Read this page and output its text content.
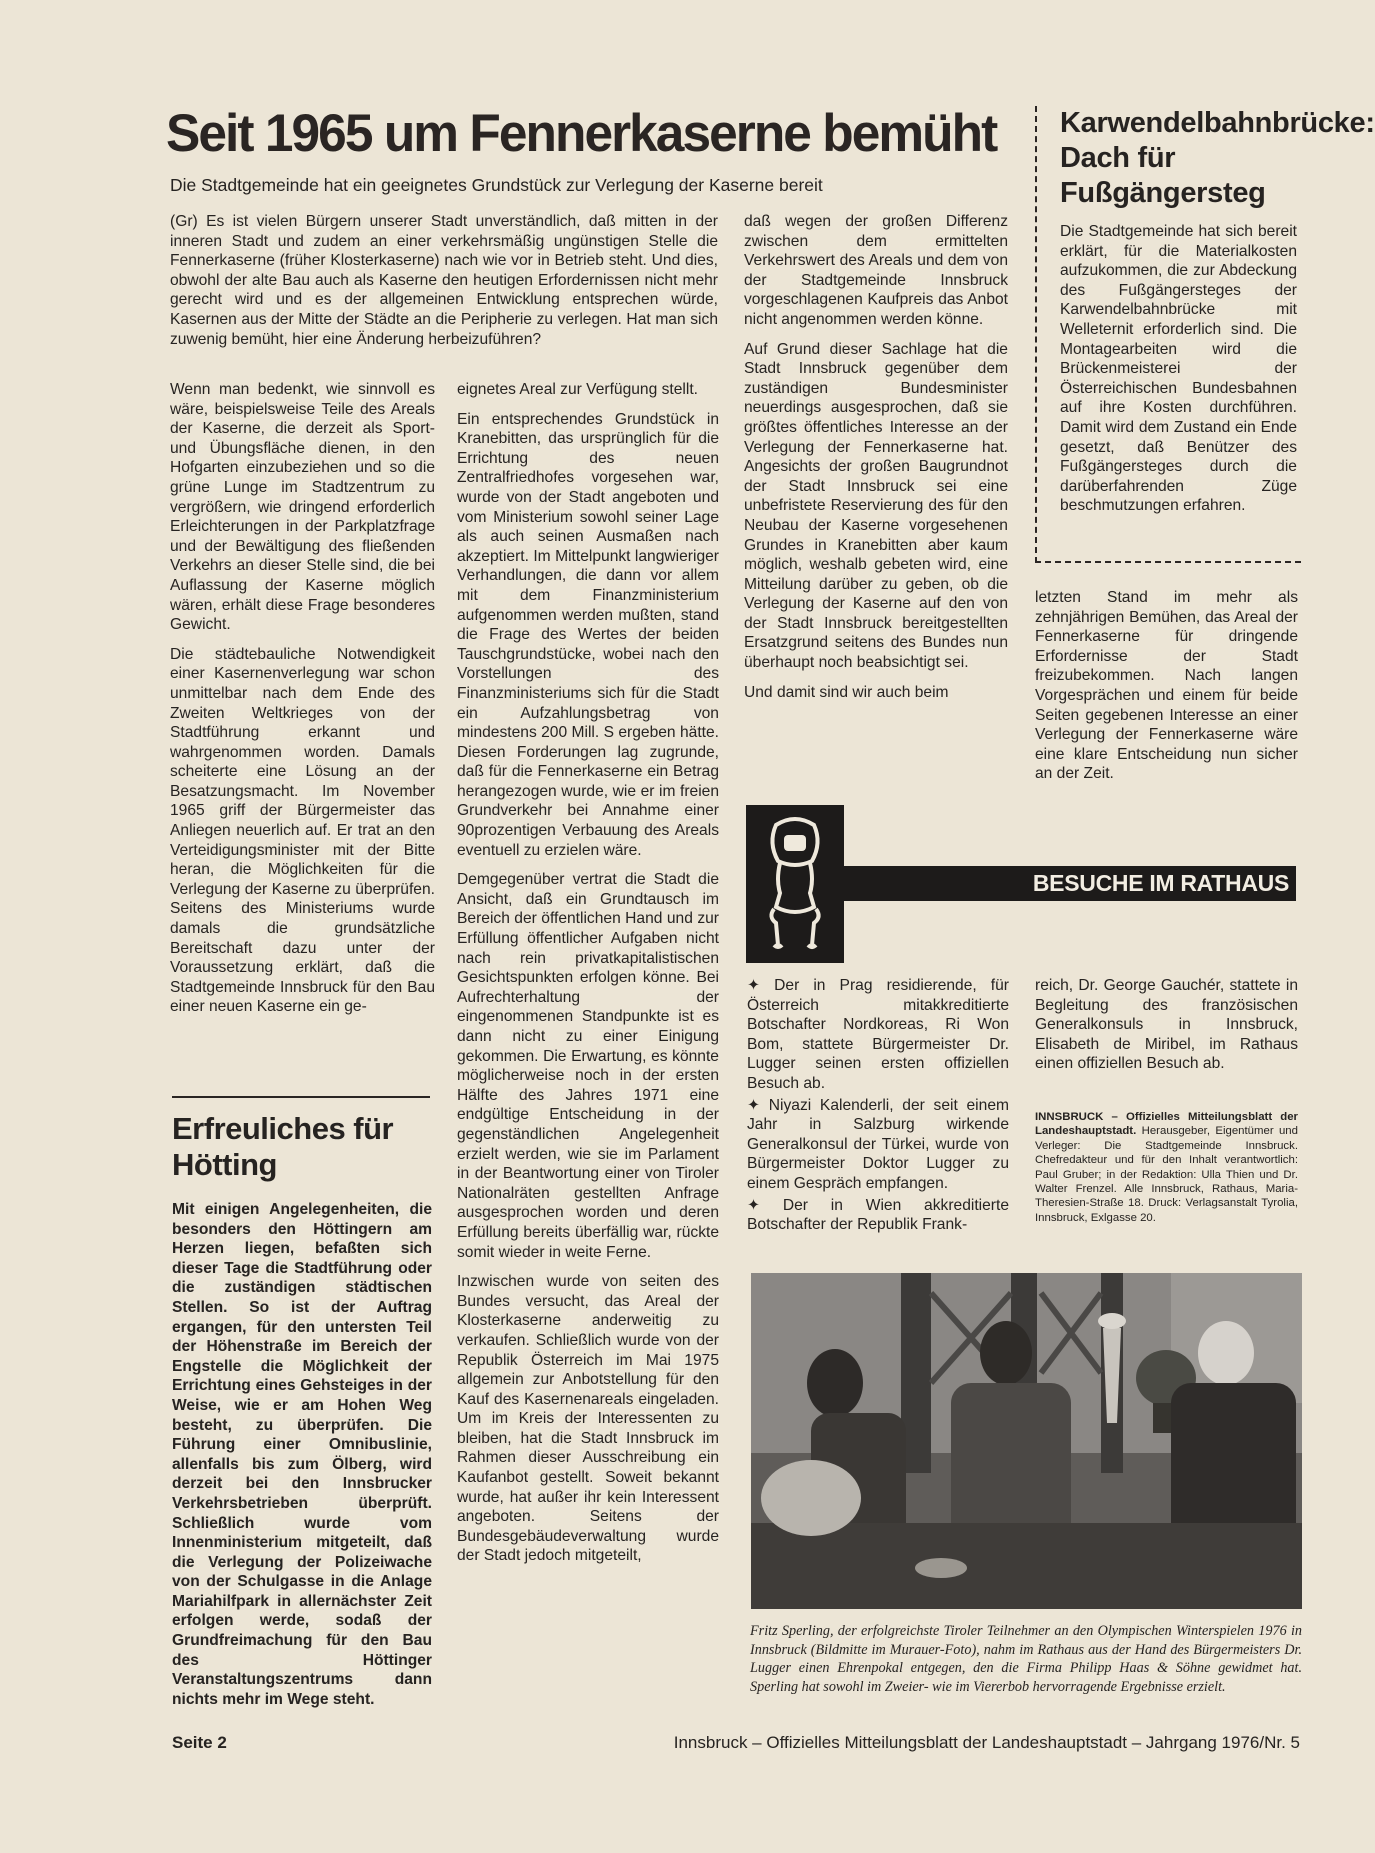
Seit 1965 um Fennerkaserne bemüht

Die Stadtgemeinde hat ein geeignetes Grundstück zur Verlegung der Kaserne bereit

(Gr) Es ist vielen Bürgern unserer Stadt unverständlich, daß mitten in der inneren Stadt und zudem an einer verkehrsmäßig ungünstigen Stelle die Fennerkaserne (früher Klosterkaserne) nach wie vor in Betrieb steht. Und dies, obwohl der alte Bau auch als Kaserne den heutigen Erfordernissen nicht mehr gerecht wird und es der allgemeinen Entwicklung entsprechen würde, Kasernen aus der Mitte der Städte an die Peripherie zu verlegen. Hat man sich zuwenig bemüht, hier eine Änderung herbeizuführen?

Wenn man bedenkt, wie sinnvoll es wäre, beispielsweise Teile des Areals der Kaserne, die derzeit als Sport- und Übungsfläche dienen, in den Hofgarten einzubeziehen und so die grüne Lunge im Stadtzentrum zu vergrößern, wie dringend erforderlich Erleichterungen in der Parkplatzfrage und der Bewältigung des fließenden Verkehrs an dieser Stelle sind, die bei Auflassung der Kaserne möglich wären, erhält diese Frage besonderes Gewicht.

Die städtebauliche Notwendigkeit einer Kasernenverlegung war schon unmittelbar nach dem Ende des Zweiten Weltkrieges von der Stadtführung erkannt und wahrgenommen worden. Damals scheiterte eine Lösung an der Besatzungsmacht. Im November 1965 griff der Bürgermeister das Anliegen neuerlich auf. Er trat an den Verteidigungsminister mit der Bitte heran, die Möglichkeiten für die Verlegung der Kaserne zu überprüfen. Seitens des Ministeriums wurde damals die grundsätzliche Bereitschaft dazu unter der Voraussetzung erklärt, daß die Stadtgemeinde Innsbruck für den Bau einer neuen Kaserne ein ge-

eignetes Areal zur Verfügung stellt.

Ein entsprechendes Grundstück in Kranebitten, das ursprünglich für die Errichtung des neuen Zentralfriedhofes vorgesehen war, wurde von der Stadt angeboten und vom Ministerium sowohl seiner Lage als auch seinen Ausmaßen nach akzeptiert. Im Mittelpunkt langwieriger Verhandlungen, die dann vor allem mit dem Finanzministerium aufgenommen werden mußten, stand die Frage des Wertes der beiden Tauschgrundstücke, wobei nach den Vorstellungen des Finanzministeriums sich für die Stadt ein Aufzahlungsbetrag von mindestens 200 Mill. S ergeben hätte. Diesen Forderungen lag zugrunde, daß für die Fennerkaserne ein Betrag herangezogen wurde, wie er im freien Grundverkehr bei Annahme einer 90prozentigen Verbauung des Areals eventuell zu erzielen wäre.

Demgegenüber vertrat die Stadt die Ansicht, daß ein Grundtausch im Bereich der öffentlichen Hand und zur Erfüllung öffentlicher Aufgaben nicht nach rein privatkapitalistischen Gesichtspunkten erfolgen könne. Bei Aufrechterhaltung der eingenommenen Standpunkte ist es dann nicht zu einer Einigung gekommen. Die Erwartung, es könnte möglicherweise noch in der ersten Hälfte des Jahres 1971 eine endgültige Entscheidung in der gegenständlichen Angelegenheit erzielt werden, wie sie im Parlament in der Beantwortung einer von Tiroler Nationalräten gestellten Anfrage ausgesprochen worden und deren Erfüllung bereits überfällig war, rückte somit wieder in weite Ferne.

Inzwischen wurde von seiten des Bundes versucht, das Areal der Klosterkaserne anderweitig zu verkaufen. Schließlich wurde von der Republik Österreich im Mai 1975 allgemein zur Anbotstellung für den Kauf des Kasernenareals eingeladen. Um im Kreis der Interessenten zu bleiben, hat die Stadt Innsbruck im Rahmen dieser Ausschreibung ein Kaufanbot gestellt. Soweit bekannt wurde, hat außer ihr kein Interessent angeboten. Seitens der Bundesgebäudeverwaltung wurde der Stadt jedoch mitgeteilt,

daß wegen der großen Differenz zwischen dem ermittelten Verkehrswert des Areals und dem von der Stadtgemeinde Innsbruck vorgeschlagenen Kaufpreis das Anbot nicht angenommen werden könne.

Auf Grund dieser Sachlage hat die Stadt Innsbruck gegenüber dem zuständigen Bundesminister neuerdings ausgesprochen, daß sie größtes öffentliches Interesse an der Verlegung der Fennerkaserne hat. Angesichts der großen Baugrundnot der Stadt Innsbruck sei eine unbefristete Reservierung des für den Neubau der Kaserne vorgesehenen Grundes in Kranebitten aber kaum möglich, weshalb gebeten wird, eine Mitteilung darüber zu geben, ob die Verlegung der Kaserne auf den von der Stadt Innsbruck bereitgestellten Ersatzgrund seitens des Bundes nun überhaupt noch beabsichtigt sei.

Und damit sind wir auch beim

Erfreuliches für Hötting

Mit einigen Angelegenheiten, die besonders den Höttingern am Herzen liegen, befaßten sich dieser Tage die Stadtführung oder die zuständigen städtischen Stellen. So ist der Auftrag ergangen, für den untersten Teil der Höhenstraße im Bereich der Engstelle die Möglichkeit der Errichtung eines Gehsteiges in der Weise, wie er am Hohen Weg besteht, zu überprüfen. Die Führung einer Omnibuslinie, allenfalls bis zum Ölberg, wird derzeit bei den Innsbrucker Verkehrsbetrieben überprüft. Schließlich wurde vom Innenministerium mitgeteilt, daß die Verlegung der Polizeiwache von der Schulgasse in die Anlage Mariahilfpark in allernächster Zeit erfolgen werde, sodaß der Grundfreimachung für den Bau des Höttinger Veranstaltungszentrums dann nichts mehr im Wege steht.

Karwendelbahnbrücke: Dach für Fußgängersteg

Die Stadtgemeinde hat sich bereit erklärt, für die Materialkosten aufzukommen, die zur Abdeckung des Fußgängersteges der Karwendelbahnbrücke mit Welleternit erforderlich sind. Die Montagearbeiten wird die Brückenmeisterei der Österreichischen Bundesbahnen auf ihre Kosten durchführen. Damit wird dem Zustand ein Ende gesetzt, daß Benützer des Fußgängersteges durch die darüberfahrenden Züge beschmutzungen erfahren.

letzten Stand im mehr als zehnjährigen Bemühen, das Areal der Fennerkaserne für dringende Erfordernisse der Stadt freizubekommen. Nach langen Vorgesprächen und einem für beide Seiten gegebenen Interesse an einer Verlegung der Fennerkaserne wäre eine klare Entscheidung nun sicher an der Zeit.

BESUCHE IM RATHAUS

✦ Der in Prag residierende, für Österreich mitakkreditierte Botschafter Nordkoreas, Ri Won Bom, stattete Bürgermeister Dr. Lugger seinen ersten offiziellen Besuch ab.

✦ Niyazi Kalenderli, der seit einem Jahr in Salzburg wirkende Generalkonsul der Türkei, wurde von Bürgermeister Doktor Lugger zu einem Gespräch empfangen.

✦ Der in Wien akkreditierte Botschafter der Republik Frank-

reich, Dr. George Gauchér, stattete in Begleitung des französischen Generalkonsuls in Innsbruck, Elisabeth de Miribel, im Rathaus einen offiziellen Besuch ab.

INNSBRUCK – Offizielles Mitteilungsblatt der Landeshauptstadt. Herausgeber, Eigentümer und Verleger: Die Stadtgemeinde Innsbruck. Chefredakteur und für den Inhalt verantwortlich: Paul Gruber; in der Redaktion: Ulla Thien und Dr. Walter Frenzel. Alle Innsbruck, Rathaus, Maria-Theresien-Straße 18. Druck: Verlagsanstalt Tyrolia, Innsbruck, Exlgasse 20.

Fritz Sperling, der erfolgreichste Tiroler Teilnehmer an den Olympischen Winterspielen 1976 in Innsbruck (Bildmitte im Murauer-Foto), nahm im Rathaus aus der Hand des Bürgermeisters Dr. Lugger einen Ehrenpokal entgegen, den die Firma Philipp Haas & Söhne gewidmet hat. Sperling hat sowohl im Zweier- wie im Viererbob hervorragende Ergebnisse erzielt.

Seite 2	Innsbruck – Offizielles Mitteilungsblatt der Landeshauptstadt – Jahrgang 1976/Nr. 5
